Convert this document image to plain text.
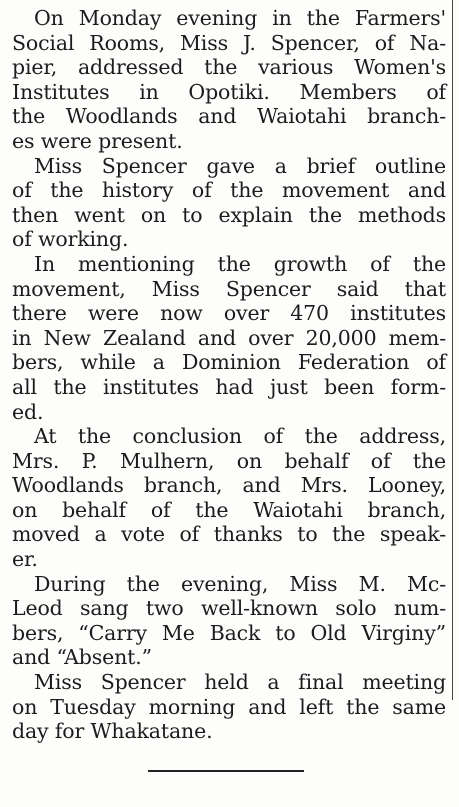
On Monday evening in the Farmers'
Social Rooms, Miss J. Spencer, of Na-
pier, addressed the various Women's
Institutes in Opotiki. Members of
the Woodlands and Waiotahi branch-
es were present.
Miss Spencer gave a brief outline
of the history of the movement and
then went on to explain the methods
of working.
In mentioning the growth of the
movement, Miss Spencer said that
there were now over 470 institutes
in New Zealand and over 20,000 mem-
bers, while a Dominion Federation of
all the institutes had just been form-
ed.
At the conclusion of the address,
Mrs. P. Mulhern, on behalf of the
Woodlands branch, and Mrs. Looney,
on behalf of the Waiotahi branch,
moved a vote of thanks to the speak-
er.
During the evening, Miss M. Mc-
Leod sang two well-known solo num-
bers, “Carry Me Back to Old Virginy”
and “Absent.”
Miss Spencer held a final meeting
on Tuesday morning and left the same
day for Whakatane.
